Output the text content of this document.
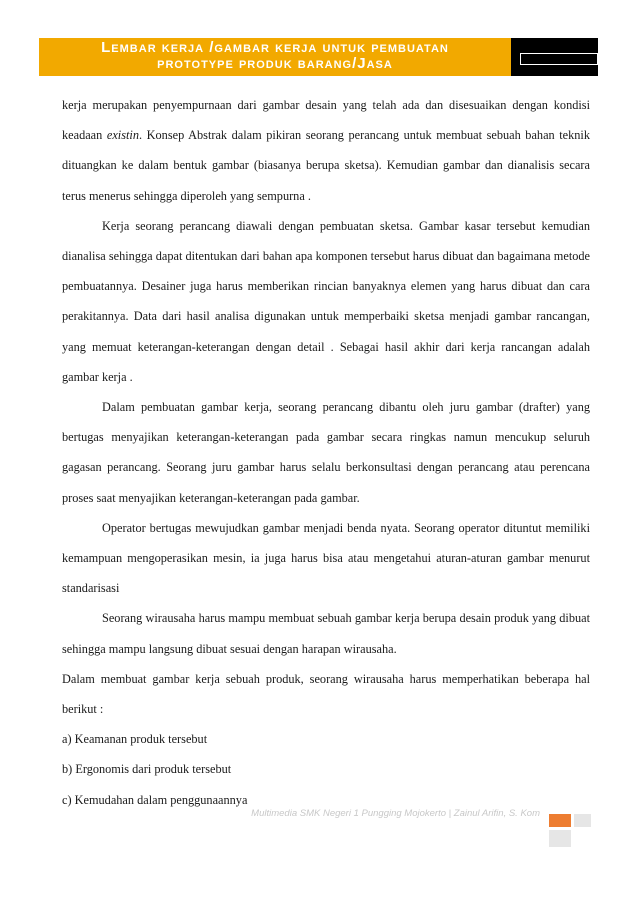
Lembar kerja /gambar kerja untuk pembuatan
prototype produk barang/Jasa

kerja merupakan penyempurnaan dari gambar desain yang telah ada dan disesuaikan dengan kondisi keadaan existin. Konsep Abstrak dalam pikiran seorang perancang untuk membuat sebuah bahan teknik dituangkan ke dalam bentuk gambar (biasanya berupa sketsa). Kemudian gambar dan dianalisis secara terus menerus sehingga diperoleh yang sempurna .

Kerja seorang perancang diawali dengan pembuatan sketsa. Gambar kasar tersebut kemudian dianalisa sehingga dapat ditentukan dari bahan apa komponen tersebut harus dibuat dan bagaimana metode pembuatannya. Desainer juga harus memberikan rincian banyaknya elemen yang harus dibuat dan cara perakitannya. Data dari hasil analisa digunakan untuk memperbaiki sketsa menjadi gambar rancangan, yang memuat keterangan-keterangan dengan detail . Sebagai hasil akhir dari kerja rancangan adalah gambar kerja .

Dalam pembuatan gambar kerja, seorang perancang dibantu oleh juru gambar (drafter) yang bertugas menyajikan keterangan-keterangan pada gambar secara ringkas namun mencukup seluruh gagasan perancang. Seorang juru gambar harus selalu berkonsultasi dengan perancang atau perencana proses saat menyajikan keterangan-keterangan pada gambar.

Operator bertugas mewujudkan gambar menjadi benda nyata. Seorang operator dituntut memiliki kemampuan mengoperasikan mesin, ia juga harus bisa atau mengetahui aturan-aturan gambar menurut standarisasi

Seorang wirausaha harus mampu membuat sebuah gambar kerja berupa desain produk yang dibuat sehingga mampu langsung dibuat sesuai dengan harapan wirausaha.

Dalam membuat gambar kerja sebuah produk, seorang wirausaha harus memperhatikan beberapa hal berikut :

a) Keamanan produk tersebut

b) Ergonomis dari produk tersebut

c) Kemudahan dalam penggunaannya

Multimedia SMK Negeri 1 Pungging Mojokerto | Zainul Arifin, S. Kom
